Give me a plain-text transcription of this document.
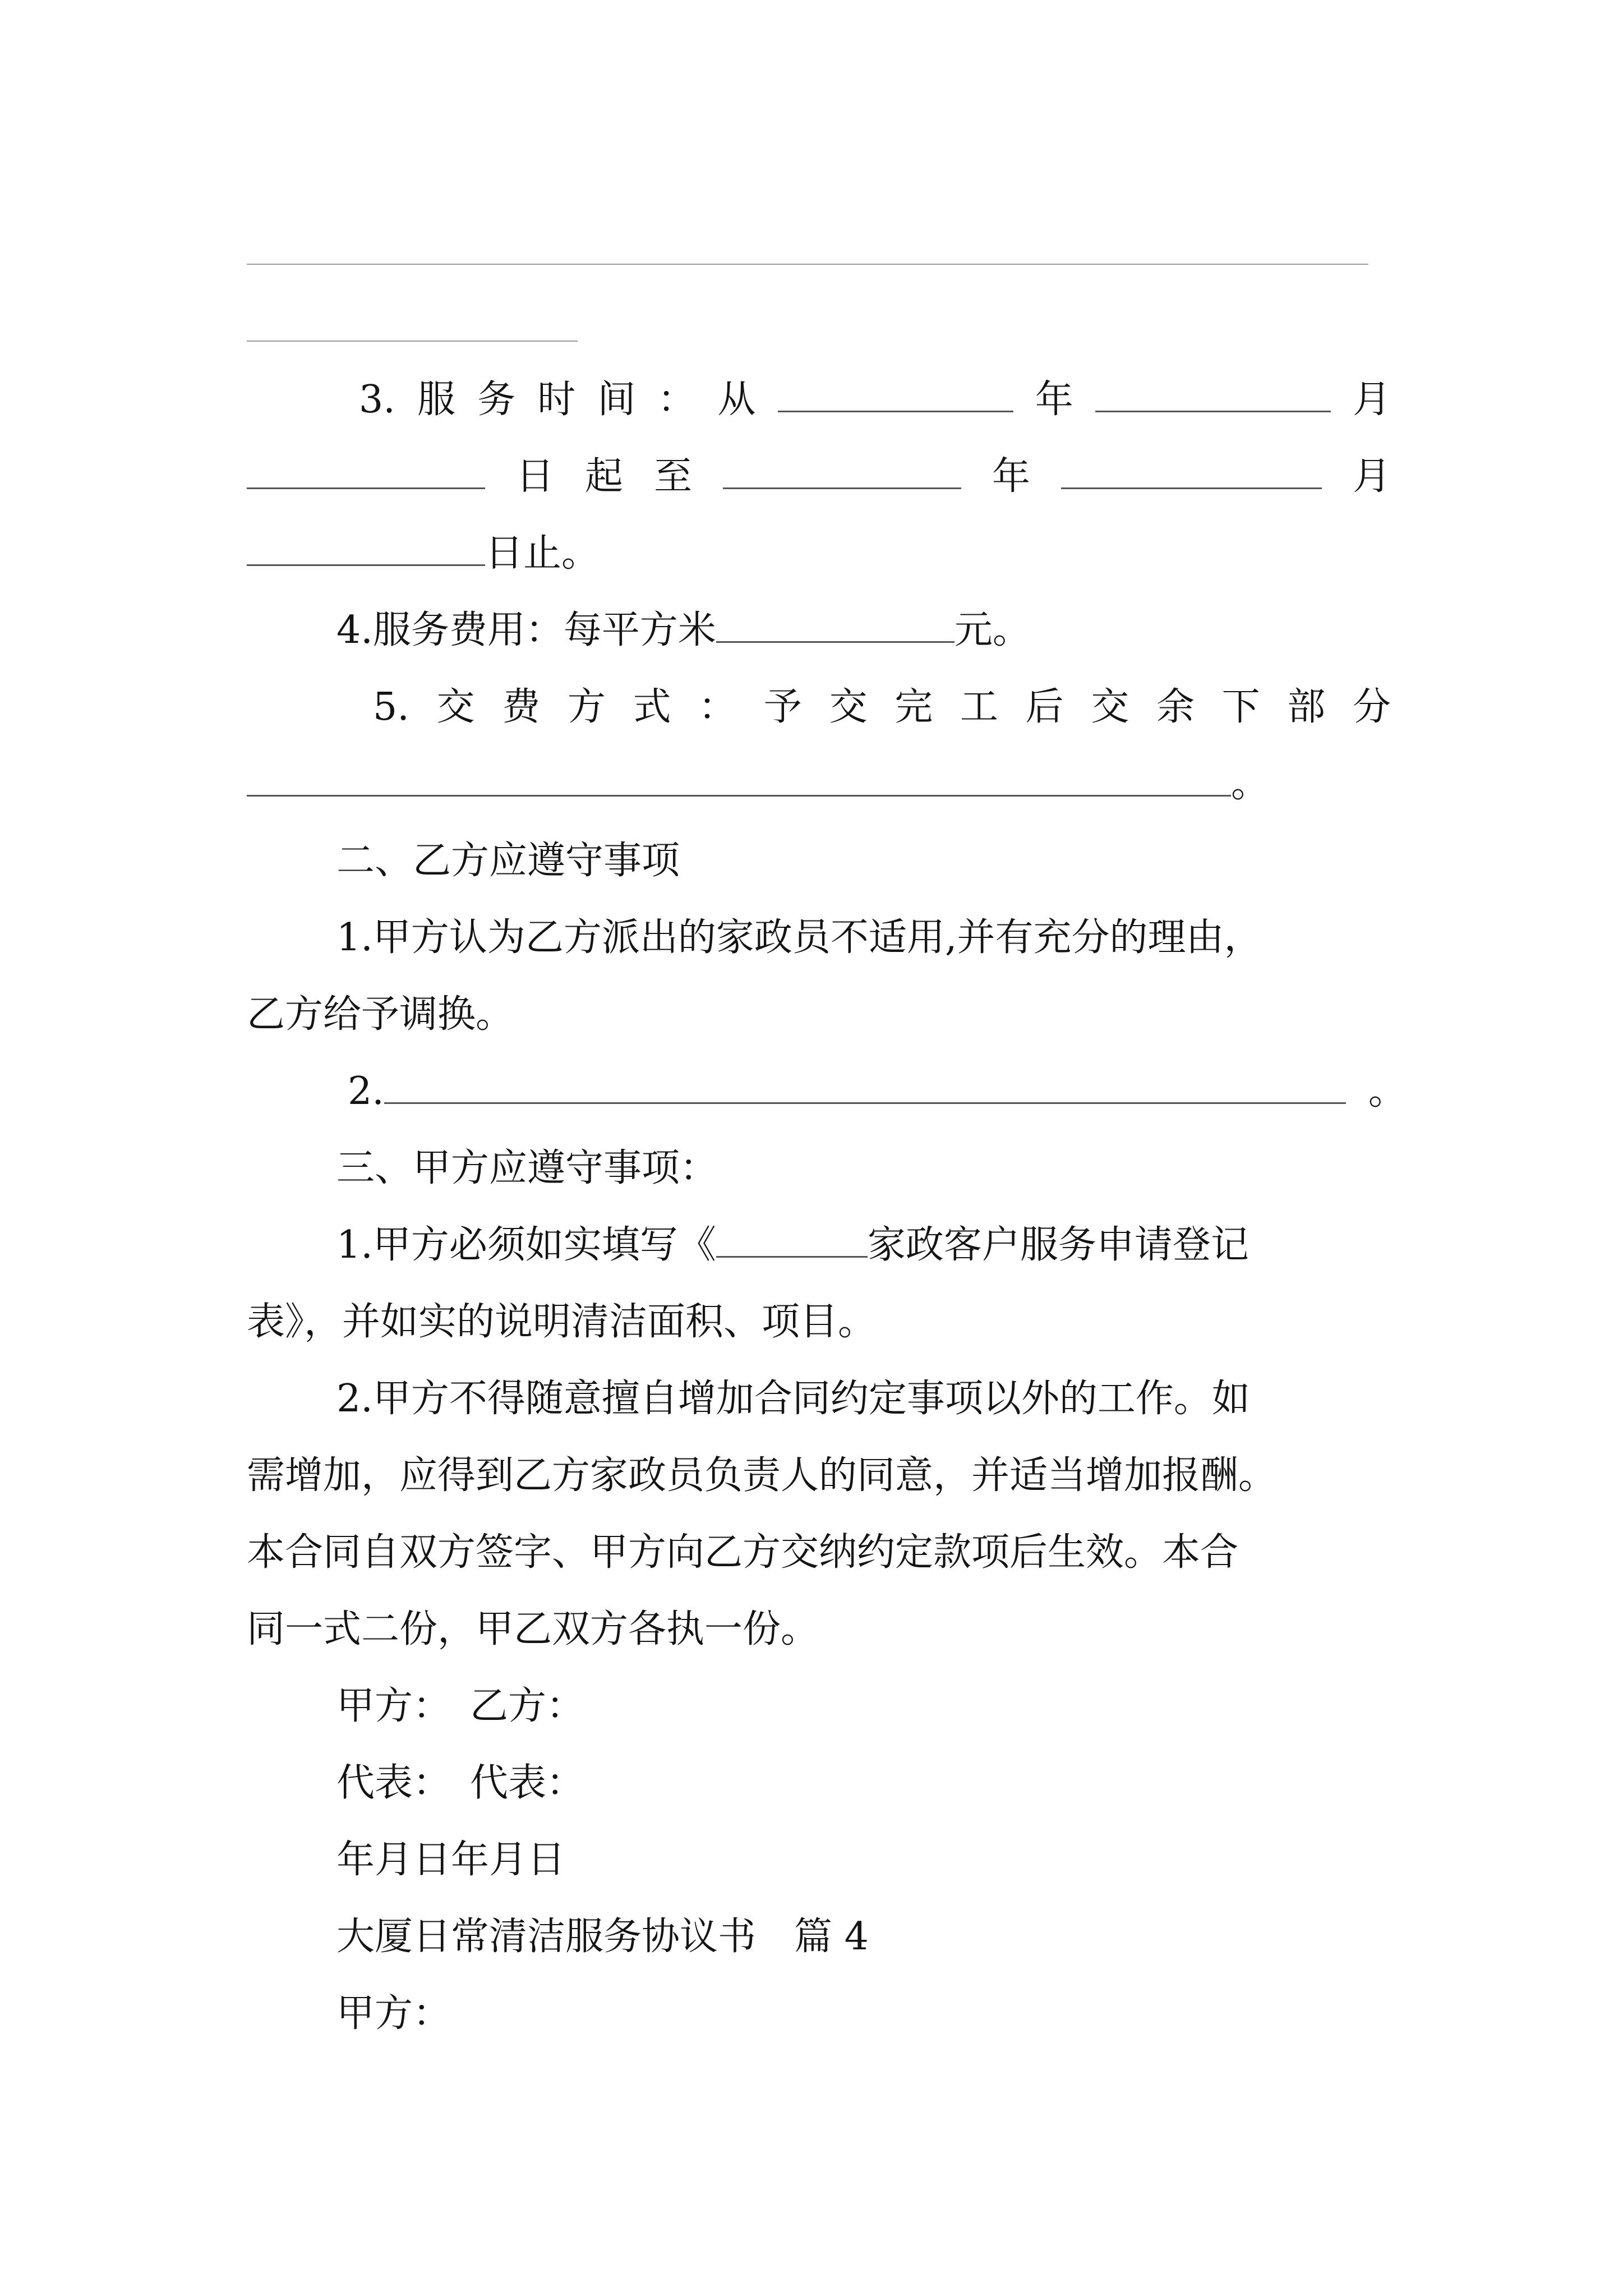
3. 服 务 时 间 ： 从	年	月
日 起 至	年	月
日止。
4.服务费用：每平方米	元。
5. 交 费 方 式 ： 予 交 完 工 后 交 余 下 部 分
。
二、乙方应遵守事项
1.甲方认为乙方派出的家政员不适用,并有充分的理由，
乙方给予调换。
2.	。
三、甲方应遵守事项：
1.甲方必须如实填写《	家政客户服务申请登记
表》，并如实的说明清洁面积、项目。
2.甲方不得随意擅自增加合同约定事项以外的工作。如
需增加，应得到乙方家政员负责人的同意，并适当增加报酬。
本合同自双方签字、甲方向乙方交纳约定款项后生效。本合
同一式二份，甲乙双方各执一份。
甲方：　乙方：
代表：　代表：
年月日年月日
大厦日常清洁服务协议书　篇 4
甲方：
